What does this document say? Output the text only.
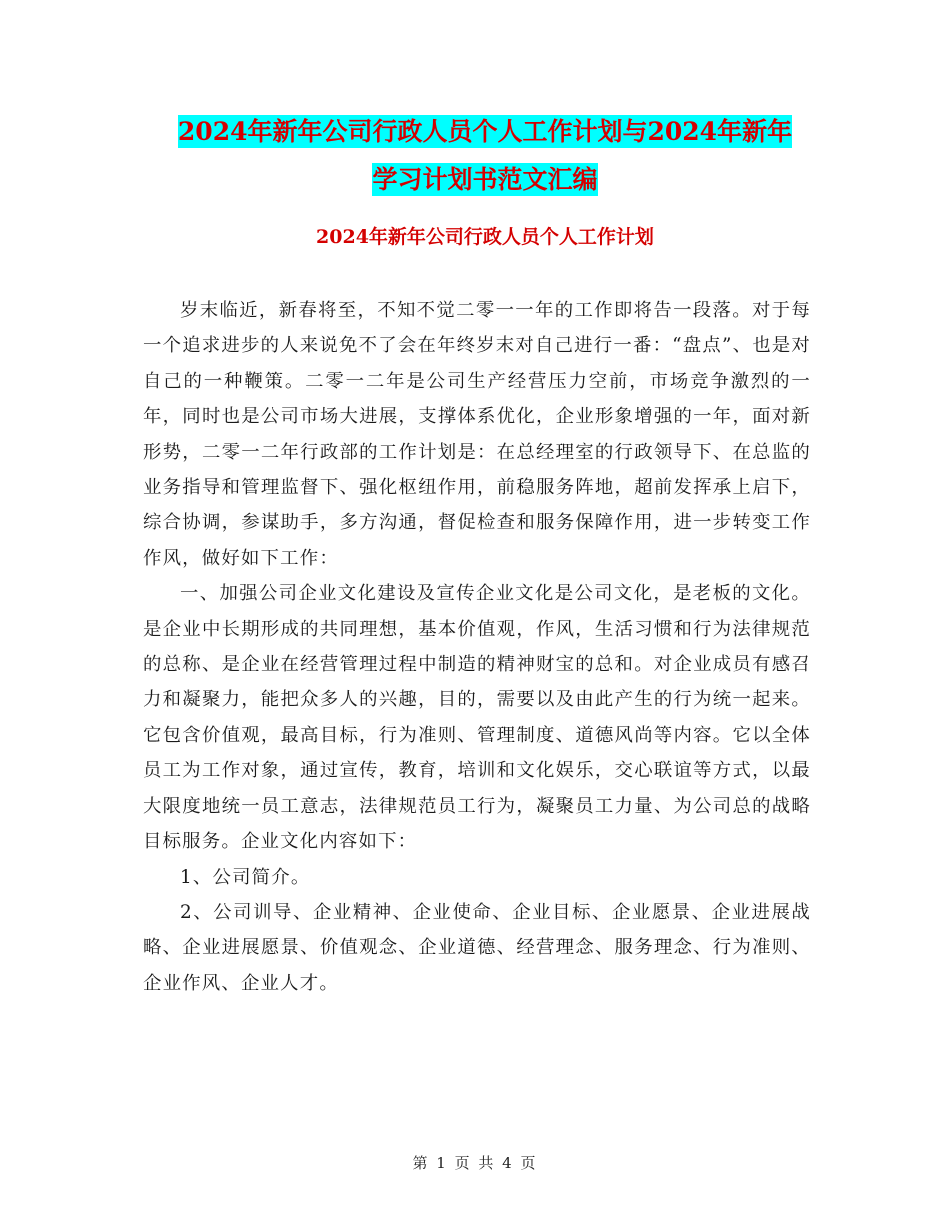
2024年新年公司行政人员个人工作计划与2024年新年
学习计划书范文汇编
2024年新年公司行政人员个人工作计划

岁末临近，新春将至，不知不觉二零一一年的工作即将告一段落。对于每一个追求进步的人来说免不了会在年终岁末对自己进行一番：“盘点”、也是对自己的一种鞭策。二零一二年是公司生产经营压力空前，市场竞争激烈的一年，同时也是公司市场大进展，支撑体系优化，企业形象增强的一年，面对新形势，二零一二年行政部的工作计划是：在总经理室的行政领导下、在总监的业务指导和管理监督下、强化枢纽作用，前稳服务阵地，超前发挥承上启下，综合协调，参谋助手，多方沟通，督促检查和服务保障作用，进一步转变工作作风，做好如下工作：

一、加强公司企业文化建设及宣传企业文化是公司文化，是老板的文化。是企业中长期形成的共同理想，基本价值观，作风，生活习惯和行为法律规范的总称、是企业在经营管理过程中制造的精神财宝的总和。对企业成员有感召力和凝聚力，能把众多人的兴趣，目的，需要以及由此产生的行为统一起来。它包含价值观，最高目标，行为准则、管理制度、道德风尚等内容。它以全体员工为工作对象，通过宣传，教育，培训和文化娱乐，交心联谊等方式，以最大限度地统一员工意志，法律规范员工行为，凝聚员工力量、为公司总的战略目标服务。企业文化内容如下：

1、公司简介。

2、公司训导、企业精神、企业使命、企业目标、企业愿景、企业进展战略、企业进展愿景、价值观念、企业道德、经营理念、服务理念、行为准则、企业作风、企业人才。

第 1 页 共 4 页
